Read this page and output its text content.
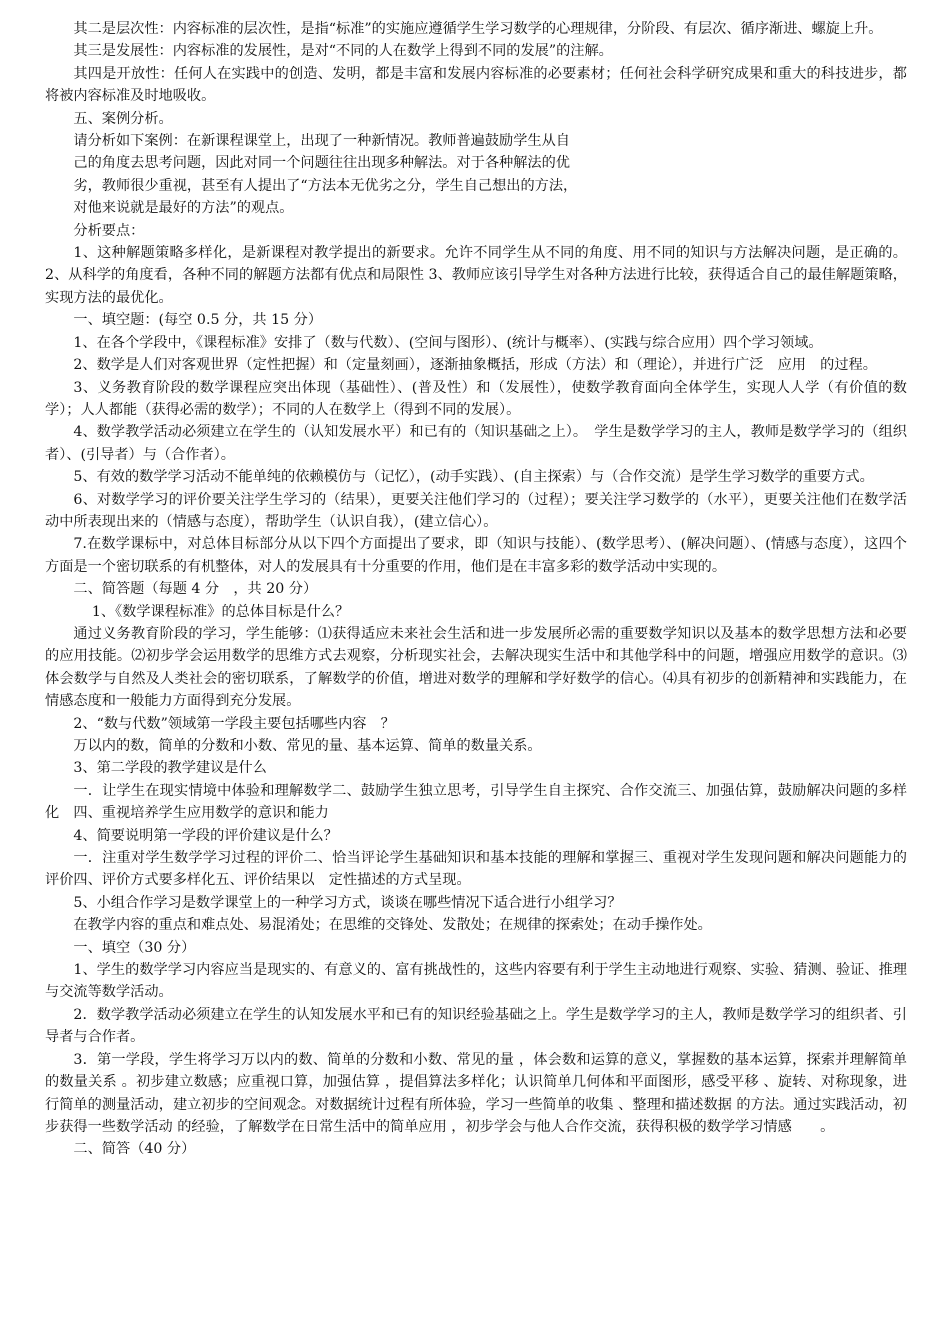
其二是层次性：内容标准的层次性，是指“标准”的实施应遵循学生学习数学的心理规律，分阶段、有层次、循序渐进、螺旋上升。

其三是发展性：内容标准的发展性，是对“不同的人在数学上得到不同的发展”的注解。

其四是开放性：任何人在实践中的创造、发明，都是丰富和发展内容标准的必要素材；任何社会科学研究成果和重大的科技进步，都将被内容标准及时地吸收。

五、案例分析。

请分析如下案例：在新课程课堂上，出现了一种新情况。教师普遍鼓励学生从自

己的角度去思考问题，因此对同一个问题往往出现多种解法。对于各种解法的优

劣，教师很少重视，甚至有人提出了“方法本无优劣之分，学生自己想出的方法，

对他来说就是最好的方法”的观点。

分析要点：

1、这种解题策略多样化，是新课程对教学提出的新要求。允许不同学生从不同的角度、用不同的知识与方法解决问题，是正确的。2、从科学的角度看，各种不同的解题方法都有优点和局限性 3、教师应该引导学生对各种方法进行比较，获得适合自己的最佳解题策略，实现方法的最优化。

一、填空题：(每空 0.5 分，共 15 分）

1、在各个学段中，《课程标准》安排了（数与代数）、(空间与图形）、(统计与概率）、(实践与综合应用）四个学习领域。

2、数学是人们对客观世界（定性把握）和（定量刻画），逐渐抽象概括，形成（方法）和（理论），并进行广泛　应用　的过程。

3、义务教育阶段的数学课程应突出体现（基础性）、(普及性）和（发展性），使数学教育面向全体学生，实现人人学（有价值的数学）；人人都能（获得必需的数学）；不同的人在数学上（得到不同的发展）。

4、数学教学活动必须建立在学生的（认知发展水平）和已有的（知识基础之上）。　学生是数学学习的主人，教师是数学学习的（组织者）、(引导者）与（合作者）。

5、有效的数学学习活动不能单纯的依赖模仿与（记忆），(动手实践）、(自主探索）与（合作交流）是学生学习数学的重要方式。

6、对数学学习的评价要关注学生学习的（结果），更要关注他们学习的（过程）；要关注学习数学的（水平），更要关注他们在数学活动中所表现出来的（情感与态度），帮助学生（认识自我），(建立信心）。

7.在数学课标中，对总体目标部分从以下四个方面提出了要求，即（知识与技能）、(数学思考）、(解决问题）、(情感与态度），这四个方面是一个密切联系的有机整体，对人的发展具有十分重要的作用，他们是在丰富多彩的数学活动中实现的。

二、简答题（每题 4 分　，共 20 分）

1、《数学课程标准》的总体目标是什么？

通过义务教育阶段的学习，学生能够：⑴获得适应未来社会生活和进一步发展所必需的重要数学知识以及基本的数学思想方法和必要的应用技能。⑵初步学会运用数学的思维方式去观察，分析现实社会，去解决现实生活中和其他学科中的问题，增强应用数学的意识。⑶体会数学与自然及人类社会的密切联系，了解数学的价值，增进对数学的理解和学好数学的信心。⑷具有初步的创新精神和实践能力，在情感态度和一般能力方面得到充分发展。

2、“数与代数”领域第一学段主要包括哪些内容　？

万以内的数，简单的分数和小数、常见的量、基本运算、简单的数量关系。

3、第二学段的教学建议是什么

一．让学生在现实情境中体验和理解数学二、鼓励学生独立思考，引导学生自主探究、合作交流三、加强估算，鼓励解决问题的多样化　四、重视培养学生应用数学的意识和能力

4、简要说明第一学段的评价建议是什么？

一．注重对学生数学学习过程的评价二、恰当评论学生基础知识和基本技能的理解和掌握三、重视对学生发现问题和解决问题能力的评价四、评价方式要多样化五、评价结果以　定性描述的方式呈现。

5、小组合作学习是数学课堂上的一种学习方式，谈谈在哪些情况下适合进行小组学习？

在教学内容的重点和难点处、易混淆处；在思维的交锋处、发散处；在规律的探索处；在动手操作处。

一、填空（30 分）

1、学生的数学学习内容应当是现实的、有意义的、富有挑战性的，这些内容要有利于学生主动地进行观察、实验、猜测、验证、推理与交流等数学活动。

2．数学教学活动必须建立在学生的认知发展水平和已有的知识经验基础之上。学生是数学学习的主人，教师是数学学习的组织者、引导者与合作者。

3．第一学段，学生将学习万以内的数、简单的分数和小数、常见的量 ，体会数和运算的意义，掌握数的基本运算，探索并理解简单的数量关系 。初步建立数感；应重视口算，加强估算 ，提倡算法多样化；认识简单几何体和平面图形，感受平移 、旋转、对称现象，进行简单的测量活动，建立初步的空间观念。对数据统计过程有所体验，学习一些简单的收集 、整理和描述数据 的方法。通过实践活动，初步获得一些数学活动 的经验，了解数学在日常生活中的简单应用 ，初步学会与他人合作交流，获得积极的数学学习情感　　。

二、简答（40 分）
